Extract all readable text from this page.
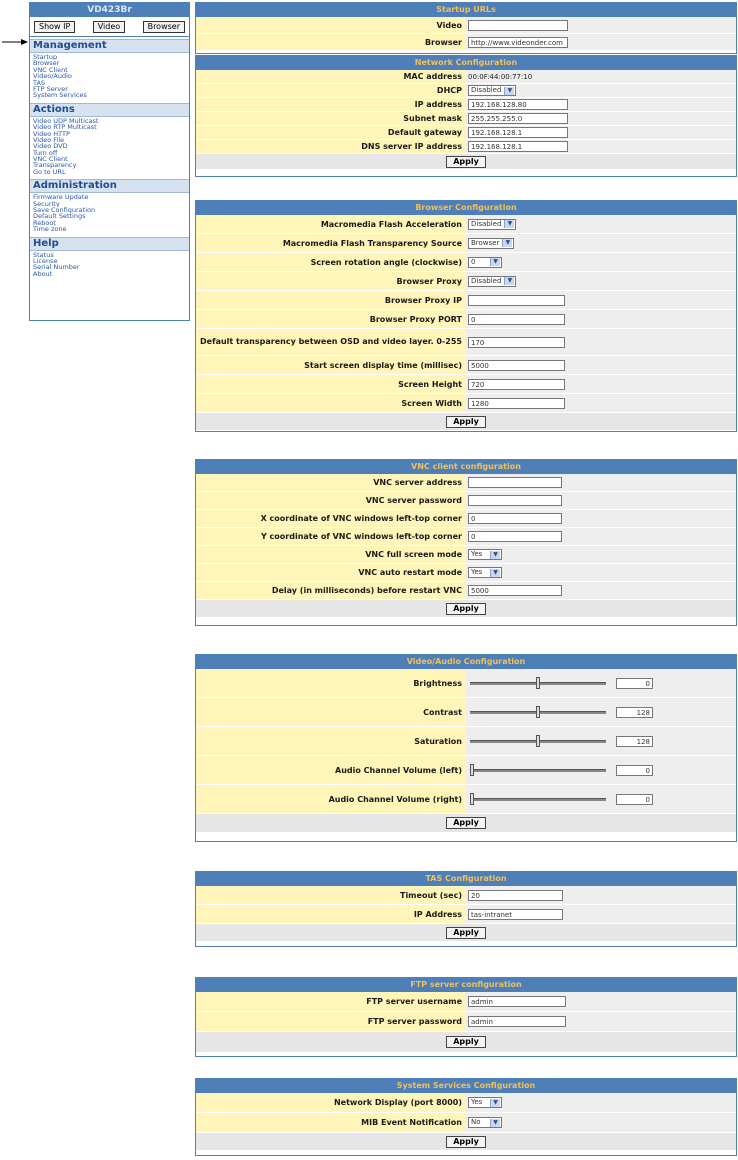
VD423Br
Show IP	Video	Browser
Management
Startup
Browser
VNC Client
Video/Audio
TAS
FTP Server
System Services
Actions
Video UDP Multicast
Video RTP Multicast
Video HTTP
Video File
Video DVD
Turn off
VNC Client
Transparency
Go to URL
Administration
Firmware Update
Security
Save Configuration
Default Settings
Reboot
Time zone
Help
Status
License
Serial Number
About
Startup URLs
Video
Browser	http://www.videonder.com
Network Configuration
MAC address 00:0F:44:00:77:10
DHCP	Disabled	▼
IP address	192.168.128.80
Subnet mask	255.255.255.0
Default gateway	192.168.128.1
DNS server IP address	192.168.128.1
Apply
Browser Configuration
Macromedia Flash Acceleration	Disabled	▼
Macromedia Flash Transparency Source	Browser	▼
Screen rotation angle (clockwise)	0	▼
Browser Proxy	Disabled	▼
Browser Proxy IP
Browser Proxy PORT	0
Default transparency between OSD and video layer. 0-255	170
Start screen display time (millisec)	5000
Screen Height	720
Screen Width	1280
Apply
VNC client configuration
VNC server address
VNC server password
X coordinate of VNC windows left-top corner	0
Y coordinate of VNC windows left-top corner	0
VNC full screen mode	Yes	▼
VNC auto restart mode	Yes	▼
Delay (in milliseconds) before restart VNC	5000
Apply
Video/Audio Configuration
Brightness	0
Contrast	128
Saturation	128
Audio Channel Volume (left)	0
Audio Channel Volume (right)	0
Apply
TAS Configuration
Timeout (sec)	20
IP Address	tas-intranet
Apply
FTP server configuration
FTP server username	admin
FTP server password	admin
Apply
System Services Configuration
Network Display (port 8000)	Yes	▼
MIB Event Notification	No	▼
Apply
